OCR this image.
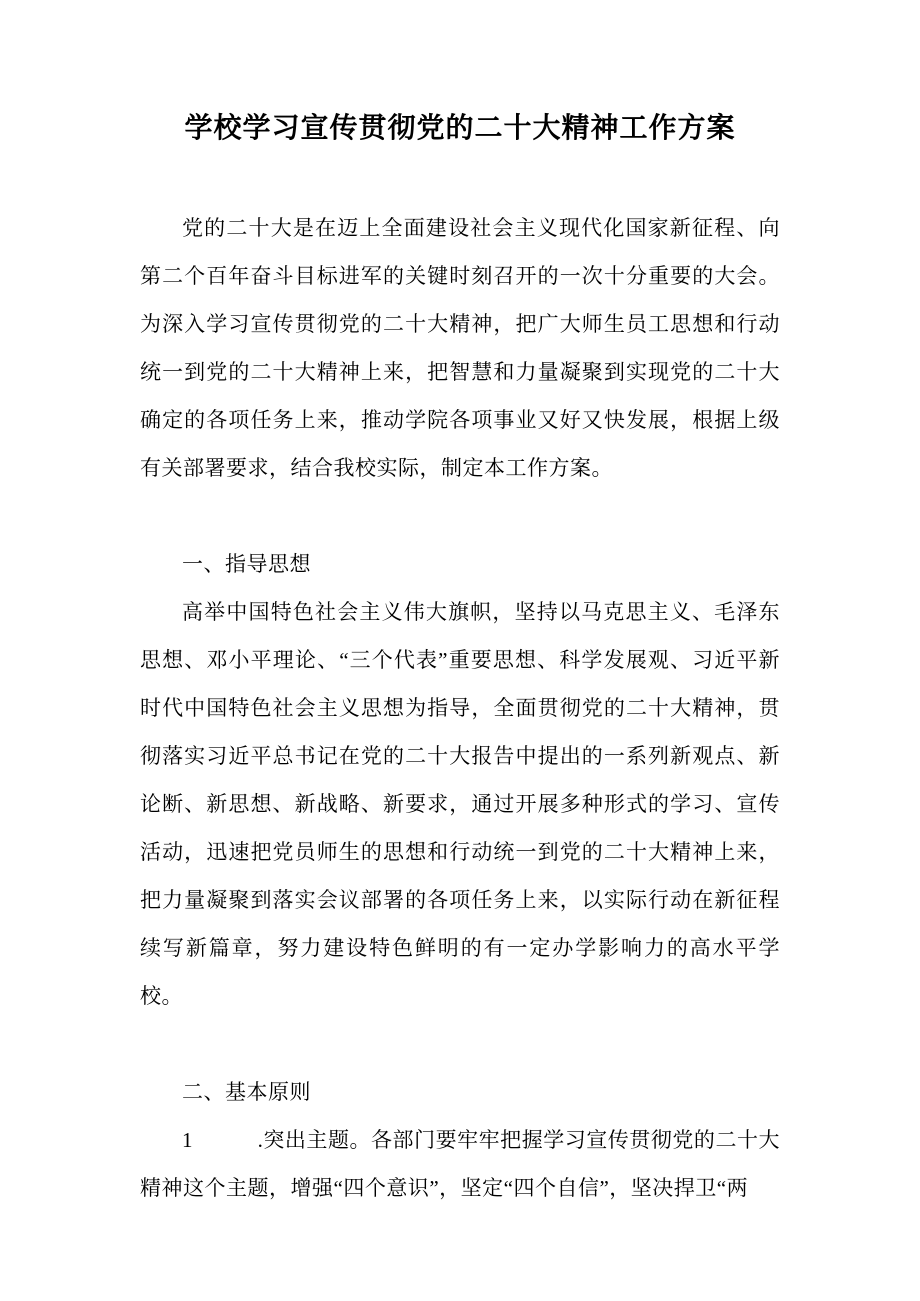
学校学习宣传贯彻党的二十大精神工作方案

党的二十大是在迈上全面建设社会主义现代化国家新征程、向第二个百年奋斗目标进军的关键时刻召开的一次十分重要的大会。为深入学习宣传贯彻党的二十大精神，把广大师生员工思想和行动统一到党的二十大精神上来，把智慧和力量凝聚到实现党的二十大确定的各项任务上来，推动学院各项事业又好又快发展，根据上级有关部署要求，结合我校实际，制定本工作方案。

一、指导思想

高举中国特色社会主义伟大旗帜，坚持以马克思主义、毛泽东思想、邓小平理论、“三个代表”重要思想、科学发展观、习近平新时代中国特色社会主义思想为指导，全面贯彻党的二十大精神，贯彻落实习近平总书记在党的二十大报告中提出的一系列新观点、新论断、新思想、新战略、新要求，通过开展多种形式的学习、宣传活动，迅速把党员师生的思想和行动统一到党的二十大精神上来，把力量凝聚到落实会议部署的各项任务上来，以实际行动在新征程续写新篇章，努力建设特色鲜明的有一定办学影响力的高水平学校。

二、基本原则

1　　　.突出主题。各部门要牢牢把握学习宣传贯彻党的二十大精神这个主题，增强“四个意识”，坚定“四个自信”，坚决捍卫“两
